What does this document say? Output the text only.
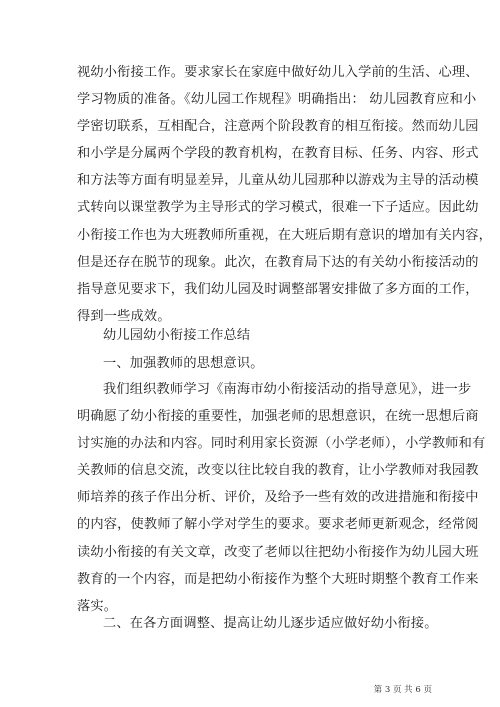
视幼小衔接工作。要求家长在家庭中做好幼儿入学前的生活、心理、
学习物质的准备。《幼儿园工作规程》明确指出： 幼儿园教育应和小
学密切联系，互相配合，注意两个阶段教育的相互衔接。然而幼儿园
和小学是分属两个学段的教育机构，在教育目标、任务、内容、形式
和方法等方面有明显差异，儿童从幼儿园那种以游戏为主导的活动模
式转向以课堂教学为主导形式的学习模式，很难一下子适应。因此幼
小衔接工作也为大班教师所重视，在大班后期有意识的增加有关内容，
但是还存在脱节的现象。此次，在教育局下达的有关幼小衔接活动的
指导意见要求下，我们幼儿园及时调整部署安排做了多方面的工作，
得到一些成效。
幼儿园幼小衔接工作总结
一、加强教师的思想意识。
我们组织教师学习《南海市幼小衔接活动的指导意见》，进一步
明确愿了幼小衔接的重要性，加强老师的思想意识，在统一思想后商
讨实施的办法和内容。同时利用家长资源（小学老师），小学教师和有
关教师的信息交流，改变以往比较自我的教育，让小学教师对我园教
师培养的孩子作出分析、评价，及给予一些有效的改进措施和衔接中
的内容，使教师了解小学对学生的要求。要求老师更新观念，经常阅
读幼小衔接的有关文章，改变了老师以往把幼小衔接作为幼儿园大班
教育的一个内容，而是把幼小衔接作为整个大班时期整个教育工作来
落实。
二、在各方面调整、提高让幼儿逐步适应做好幼小衔接。
第 3 页 共 6 页
